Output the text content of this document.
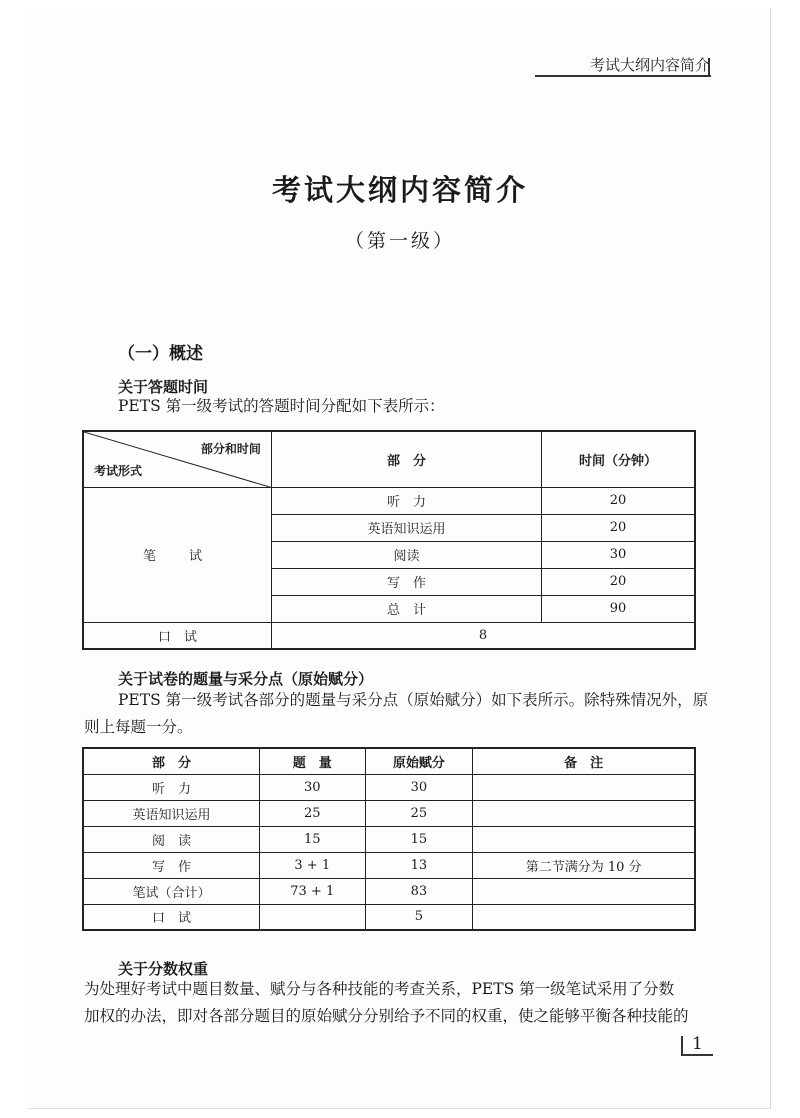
考试大纲内容简介
考试大纲内容简介
（第一级）
（一）概述
关于答题时间
PETS 第一级考试的答题时间分配如下表所示：
部分和时间
考试形式	部　分	时间（分钟）
笔　试	听　力	20
	英语知识运用	20
	阅读	30
	写　作	20
	总　计	90
口　试	8	
关于试卷的题量与采分点（原始赋分）
PETS 第一级考试各部分的题量与采分点（原始赋分）如下表所示。除特殊情况外，原
则上每题一分。
部　分	题　量	原始赋分	备　注
听　力	30	30	
英语知识运用	25	25	
阅　读	15	15	
写　作	3 + 1	13	第二节满分为 10 分
笔试（合计）	73 + 1	83	
口　试		5	
关于分数权重
为处理好考试中题目数量、赋分与各种技能的考查关系，PETS 第一级笔试采用了分数
加权的办法，即对各部分题目的原始赋分分别给予不同的权重，使之能够平衡各种技能的
1
